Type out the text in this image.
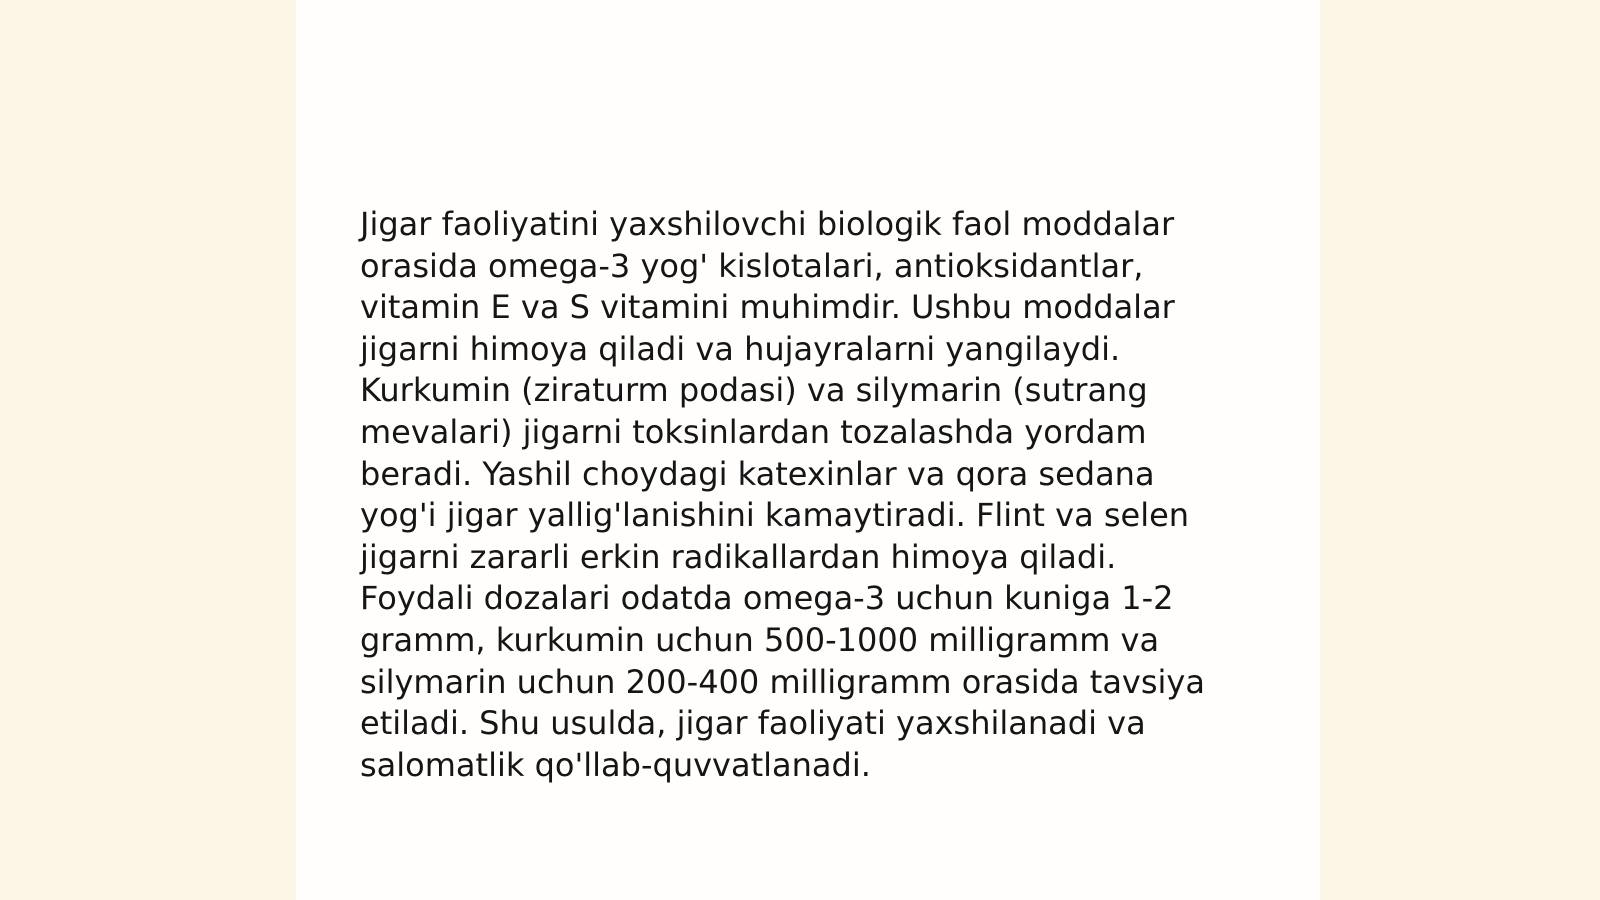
Jigar faoliyatini yaxshilovchi biologik faol moddalar
orasida omega-3 yog' kislotalari, antioksidantlar,
vitamin E va S vitamini muhimdir. Ushbu moddalar
jigarni himoya qiladi va hujayralarni yangilaydi.
Kurkumin (ziraturm podasi) va silymarin (sutrang
mevalari) jigarni toksinlardan tozalashda yordam
beradi. Yashil choydagi katexinlar va qora sedana
yog'i jigar yallig'lanishini kamaytiradi. Flint va selen
jigarni zararli erkin radikallardan himoya qiladi.
Foydali dozalari odatda omega-3 uchun kuniga 1-2
gramm, kurkumin uchun 500-1000 milligramm va
silymarin uchun 200-400 milligramm orasida tavsiya
etiladi. Shu usulda, jigar faoliyati yaxshilanadi va
salomatlik qo'llab-quvvatlanadi.
